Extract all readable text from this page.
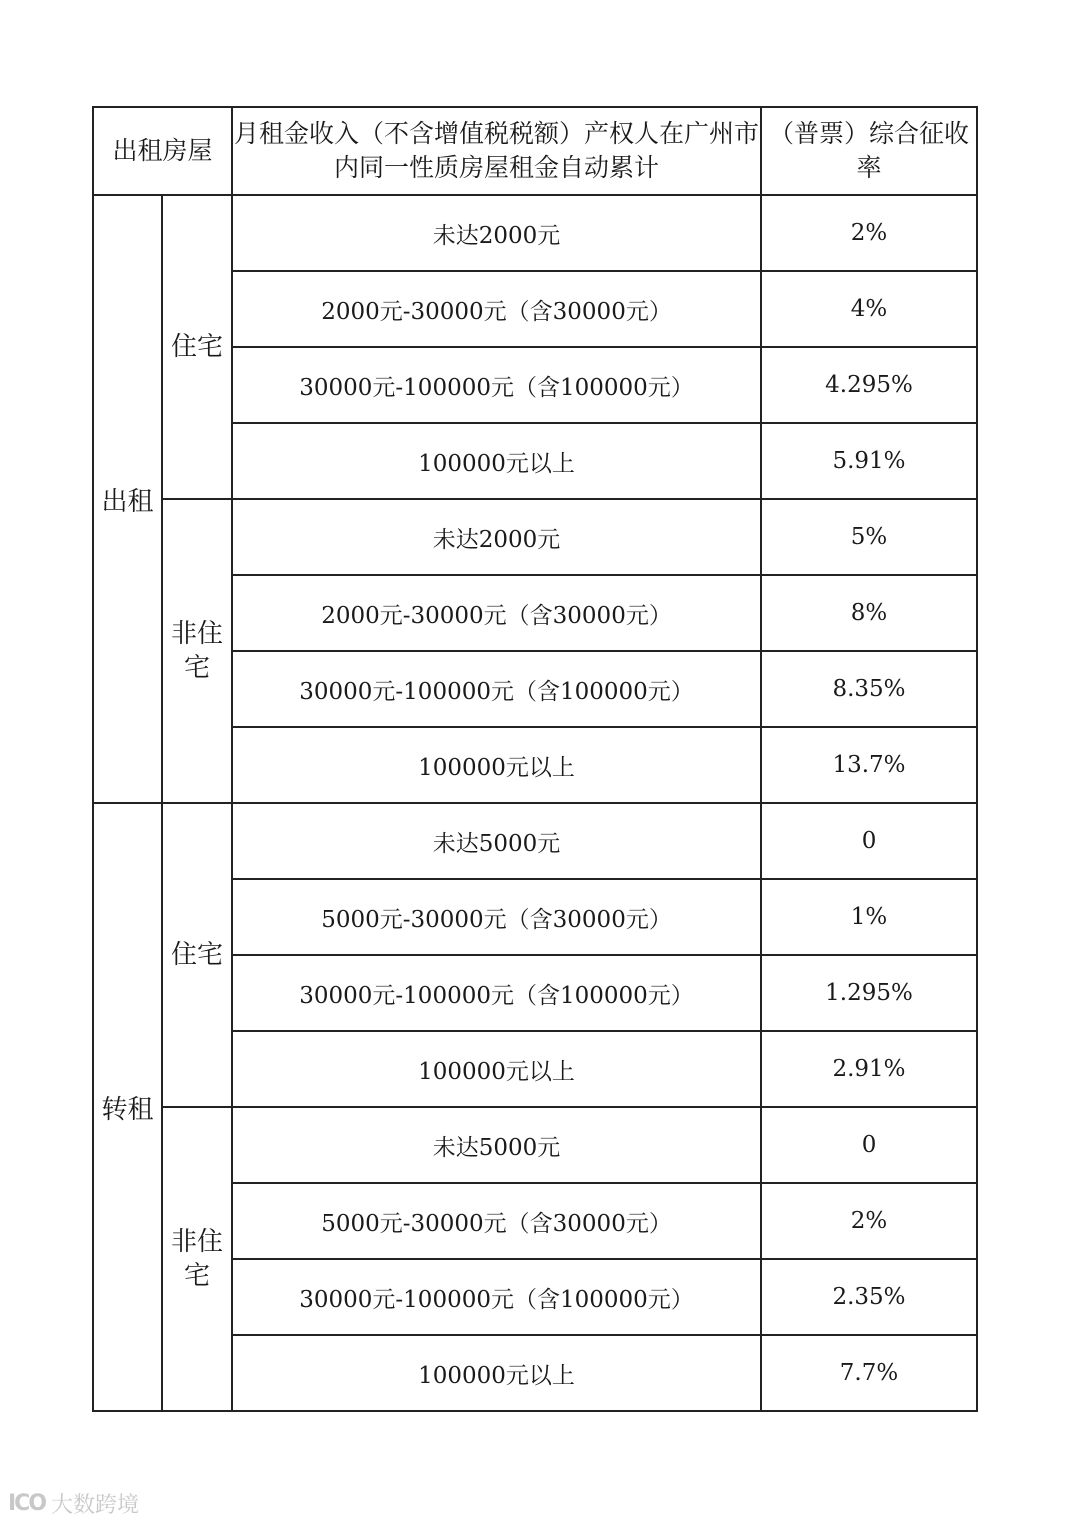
出租房屋		月租金收入（不含增值税税额）产权人在广州市内同一性质房屋租金自动累计	（普票）综合征收率
出租	住宅	未达2000元	2%
		2000元-30000元（含30000元）	4%
		30000元-100000元（含100000元）	4.295%
		100000元以上	5.91%
	非住宅	未达2000元	5%
		2000元-30000元（含30000元）	8%
		30000元-100000元（含100000元）	8.35%
		100000元以上	13.7%
转租	住宅	未达5000元	0
		5000元-30000元（含30000元）	1%
		30000元-100000元（含100000元）	1.295%
		100000元以上	2.91%
	非住宅	未达5000元	0
		5000元-30000元（含30000元）	2%
		30000元-100000元（含100000元）	2.35%
		100000元以上	7.7%
ICO 大数跨境
